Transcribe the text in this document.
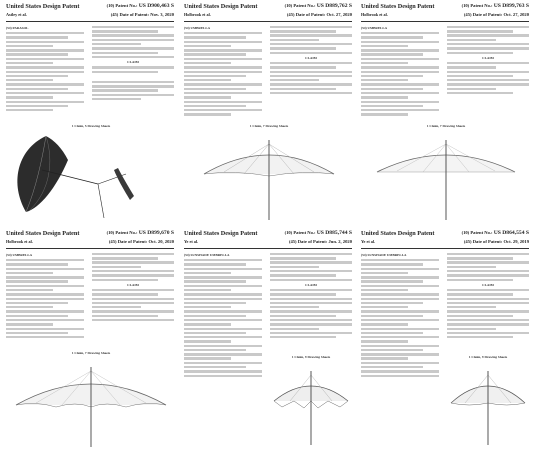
United States Design Patent
Astley et al.
(10) Patent No.: US D900,463 S
(45) Date of Patent: Nov. 3, 2020
(54) PARASOL
CLAIM
1 Claim, 5 Drawing Sheets
United States Design Patent
Holbrook et al.
(10) Patent No.: US D889,762 S
(45) Date of Patent: Oct. 27, 2020
(54) UMBRELLA
CLAIM
1 Claim, 7 Drawing Sheets
United States Design Patent
Holbrook et al.
(10) Patent No.: US D899,763 S
(45) Date of Patent: Oct. 27, 2020
(54) UMBRELLA
CLAIM
1 Claim, 7 Drawing Sheets
United States Design Patent
Holbrook et al.
(10) Patent No.: US D899,670 S
(45) Date of Patent: Oct. 20, 2020
(54) UMBRELLA
CLAIM
1 Claim, 7 Drawing Sheets
United States Design Patent
Ye et al.
(10) Patent No.: US D885,744 S
(45) Date of Patent: Jun. 2, 2020
(54) SUNSHADE UMBRELLA
CLAIM
1 Claim, 9 Drawing Sheets
United States Design Patent
Ye et al.
(10) Patent No.: US D864,554 S
(45) Date of Patent: Oct. 29, 2019
(54) SUNSHADE UMBRELLA
CLAIM
1 Claim, 9 Drawing Sheets
